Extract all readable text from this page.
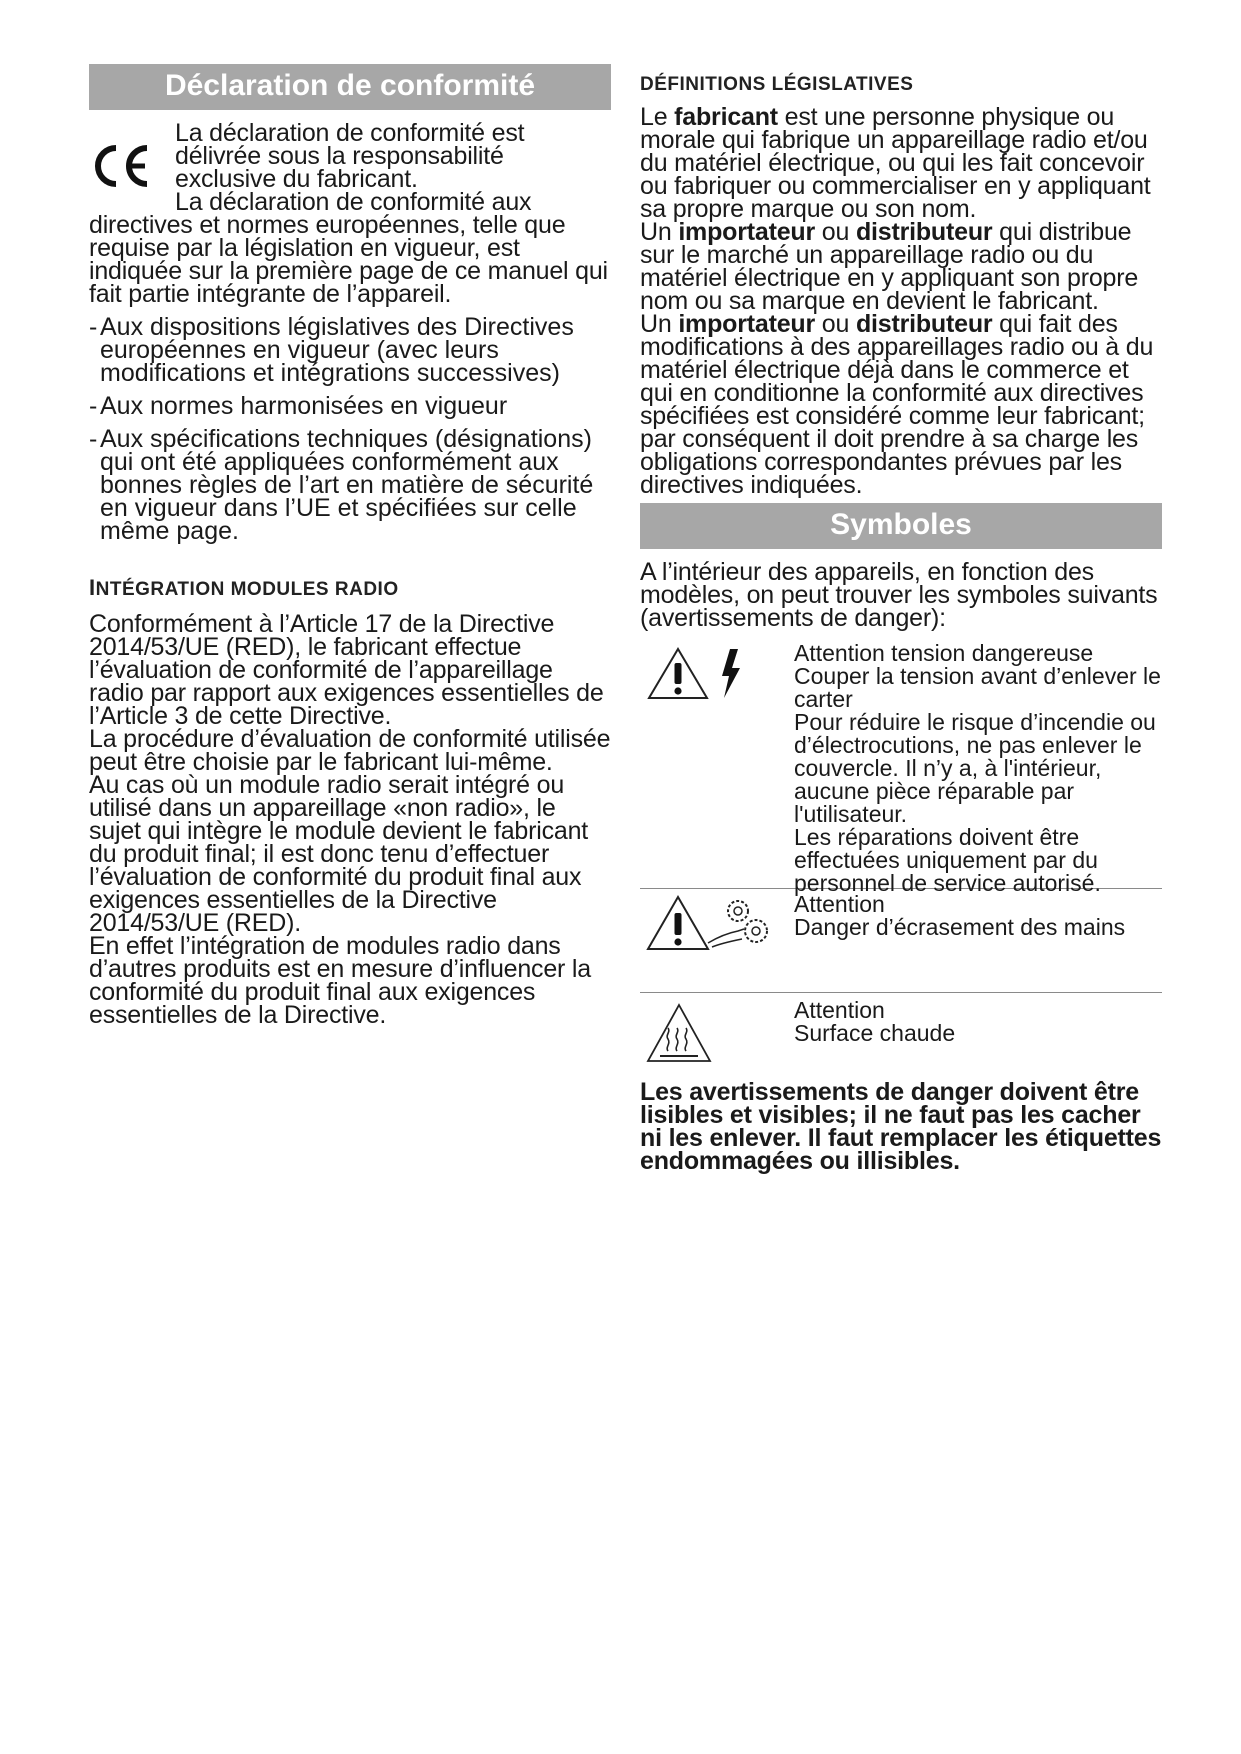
Déclaration de conformité

La déclaration de conformité est délivrée sous la responsabilité exclusive du fabricant.

La déclaration de conformité aux directives et normes européennes, telle que requise par la législation en vigueur, est indiquée sur la première page de ce manuel qui fait partie intégrante de l’appareil.

- Aux dispositions législatives des Directives européennes en vigueur (avec leurs modifications et intégrations successives)
- Aux normes harmonisées en vigueur
- Aux spécifications techniques (désignations) qui ont été appliquées conformément aux bonnes règles de l’art en matière de sécurité en vigueur dans l’UE et spécifiées sur celle même page.
INTÉGRATION MODULES RADIO

Conformément à l’Article 17 de la Directive 2014/53/UE (RED), le fabricant effectue l’évaluation de conformité de l’appareillage radio par rapport aux exigences essentielles de l’Article 3 de cette Directive.

La procédure d’évaluation de conformité utilisée peut être choisie par le fabricant lui-même.

Au cas où un module radio serait intégré ou utilisé dans un appareillage «non radio», le sujet qui intègre le module devient le fabricant du produit final; il est donc tenu d’effectuer l’évaluation de conformité du produit final aux exigences essentielles de la Directive 2014/53/UE (RED).

En effet l’intégration de modules radio dans d’autres produits est en mesure d’influencer la conformité du produit final aux exigences essentielles de la Directive.

DÉFINITIONS LÉGISLATIVES

Le fabricant est une personne physique ou morale qui fabrique un appareillage radio et/ou du matériel électrique, ou qui les fait concevoir ou fabriquer ou commercialiser en y appliquant sa propre marque ou son nom.

Un importateur ou distributeur qui distribue sur le marché un appareillage radio ou du matériel électrique en y appliquant son propre nom ou sa marque en devient le fabricant.

Un importateur ou distributeur qui fait des modifications à des appareillages radio ou à du matériel électrique déjà dans le commerce et qui en conditionne la conformité aux directives spécifiées est considéré comme leur fabricant; par conséquent il doit prendre à sa charge les obligations correspondantes prévues par les directives indiquées.

Symboles

A l’intérieur des appareils, en fonction des modèles, on peut trouver les symboles suivants (avertissements de danger):

Attention tension dangereuse
Couper la tension avant d’enlever le carter
Pour réduire le risque d’incendie ou d’électrocutions, ne pas enlever le couvercle. Il n’y a, à l'intérieur, aucune pièce réparable par l'utilisateur.
Les réparations doivent être effectuées uniquement par du personnel de service autorisé.
Attention
Danger d’écrasement des mains
Attention
Surface chaude

Les avertissements de danger doivent être lisibles et visibles; il ne faut pas les cacher ni les enlever. Il faut remplacer les étiquettes endommagées ou illisibles.
